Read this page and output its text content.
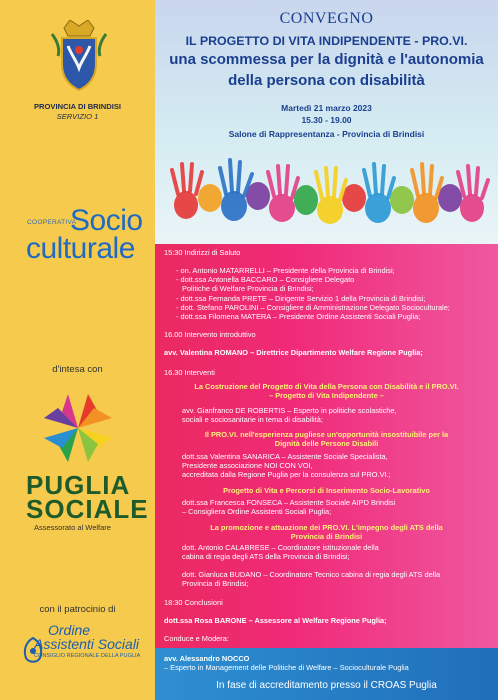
PROVINCIA DI BRINDISI
SERVIZIO 1
COOPERATIVA
Socio
culturale
d'intesa con
PUGLIA
SOCIALE
Assessorato al Welfare
con il patrocinio di
Ordine
Assistenti Sociali
CONSIGLIO REGIONALE DELLA PUGLIA
CONVEGNO
IL PROGETTO DI VITA INDIPENDENTE - PRO.VI.
una scommessa per la dignità e l'autonomia
della persona con disabilità
Martedì 21 marzo 2023
15.30 - 19.00
Salone di Rappresentanza - Provincia di Brindisi
15:30 Indirizzi di Saluto
- on. Antonio MATARRELLI – Presidente della Provincia di Brindisi;
- dott.ssa Antonella BACCARO – Consigliere Delegato
Politiche di Welfare Provincia di Brindisi;
- dott.ssa Fernanda PRETE – Dirigente Servizio 1 della Provincia di Brindisi;
- dott. Stefano PAROLINI – Consigliere di Amministrazione Delegato Socioculturale;
- dott.ssa Filomena MATERA – Presidente Ordine Assistenti Sociali Puglia;
16.00 Intervento introduttivo
avv. Valentina ROMANO – Direttrice Dipartimento Welfare Regione Puglia;
16.30 Interventi
La Costruzione del Progetto di Vita della Persona con Disabilità e il PRO.VI.
– Progetto di Vita Indipendente –
avv. Gianfranco DE ROBERTIS – Esperto in politiche scolastiche,
sociali e sociosanitarie in tema di disabilità;
Il PRO.VI. nell'esperienza pugliese un'opportunità insostituibile per la
Dignità delle Persone Disabili
dott.ssa Valentina SANARICA – Assistente Sociale Specialista,
Presidente associazione NOI CON VOI,
accreditata dalla Regione Puglia per la consulenza sul PRO.VI.;
Progetto di Vita e Percorsi di Inserimento Socio-Lavorativo
dott.ssa Francesca FONSECA – Assistente Sociale AIPD Brindisi
– Consigliera Ordine Assistenti Sociali Puglia;
La promozione e attuazione dei PRO.VI. L'impegno degli ATS della
Provincia di Brindisi
dott. Antonio CALABRESE – Coordinatore istituzionale della
cabina di regia degli ATS della Provincia di Brindisi;
dott. Gianluca BUDANO – Coordinatore Tecnico cabina di regia degli ATS della
Provincia di Brindisi;
18:30 Conclusioni
dott.ssa Rosa BARONE – Assessore al Welfare Regione Puglia;
Conduce e Modera:
avv. Alessandro NOCCO
– Esperto in Management delle Politiche di Welfare – Socioculturale Puglia
In fase di accreditamento presso il CROAS Puglia
